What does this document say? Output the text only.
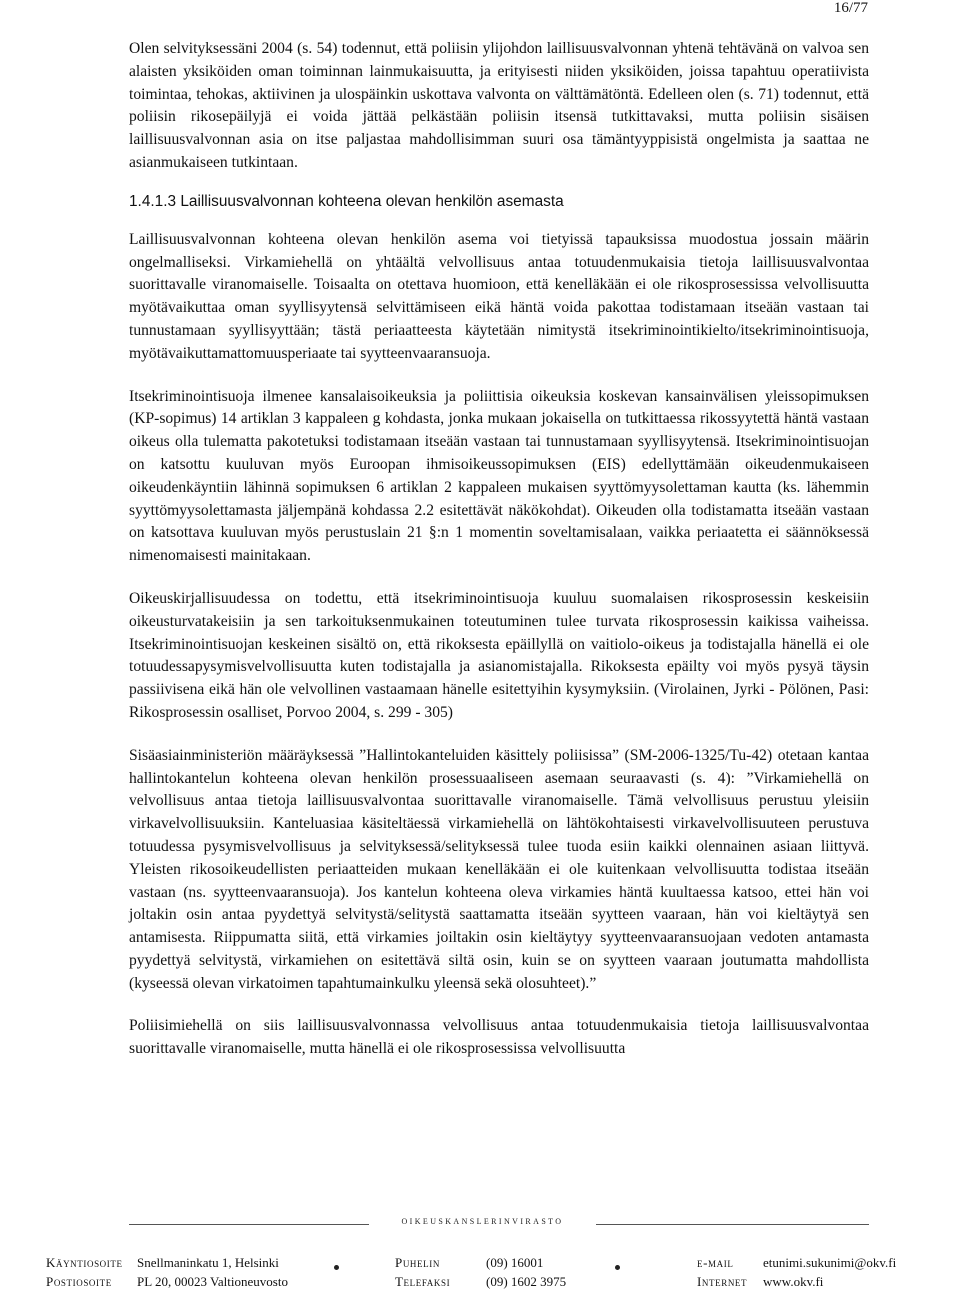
16/77

Olen selvityksessäni 2004 (s. 54) todennut, että poliisin ylijohdon laillisuusvalvonnan yhtenä tehtävänä on valvoa sen alaisten yksiköiden oman toiminnan lainmukaisuutta, ja erityisesti niiden yksiköiden, joissa tapahtuu operatiivista toimintaa, tehokas, aktiivinen ja ulospäinkin uskottava valvonta on välttämätöntä. Edelleen olen (s. 71) todennut, että poliisin rikosepäilyjä ei voida jättää pelkästään poliisin itsensä tutkittavaksi, mutta poliisin sisäisen laillisuusvalvonnan asia on itse paljastaa mahdollisimman suuri osa tämäntyyppisistä ongelmista ja saattaa ne asianmukaiseen tutkintaan.

1.4.1.3 Laillisuusvalvonnan kohteena olevan henkilön asemasta

Laillisuusvalvonnan kohteena olevan henkilön asema voi tietyissä tapauksissa muodostua jossain määrin ongelmalliseksi. Virkamiehellä on yhtäältä velvollisuus antaa totuudenmukaisia tietoja laillisuusvalvontaa suorittavalle viranomaiselle. Toisaalta on otettava huomioon, että kenelläkään ei ole rikosprosessissa velvollisuutta myötävaikuttaa oman syyllisyytensä selvittämiseen eikä häntä voida pakottaa todistamaan itseään vastaan tai tunnustamaan syyllisyyttään; tästä periaatteesta käytetään nimitystä itsekriminointikielto/itsekriminointisuoja, myötävaikuttamattomuusperiaate tai syytteenvaaransuoja.

Itsekriminointisuoja ilmenee kansalaisoikeuksia ja poliittisia oikeuksia koskevan kansainvälisen yleissopimuksen (KP-sopimus) 14 artiklan 3 kappaleen g kohdasta, jonka mukaan jokaisella on tutkittaessa rikossyytettä häntä vastaan oikeus olla tulematta pakotetuksi todistamaan itseään vastaan tai tunnustamaan syyllisyytensä. Itsekriminointisuojan on katsottu kuuluvan myös Euroopan ihmisoikeussopimuksen (EIS) edellyttämään oikeudenmukaiseen oikeudenkäyntiin lähinnä sopimuksen 6 artiklan 2 kappaleen mukaisen syyttömyysolettaman kautta (ks. lähemmin syyttömyysolettamasta jäljempänä kohdassa 2.2 esitettävät näkökohdat). Oikeuden olla todistamatta itseään vastaan on katsottava kuuluvan myös perustuslain 21 §:n 1 momentin soveltamisalaan, vaikka periaatetta ei säännöksessä nimenomaisesti mainitakaan.

Oikeuskirjallisuudessa on todettu, että itsekriminointisuoja kuuluu suomalaisen rikosprosessin keskeisiin oikeusturvatakeisiin ja sen tarkoituksenmukainen toteutuminen tulee turvata rikosprosessin kaikissa vaiheissa. Itsekriminointisuojan keskeinen sisältö on, että rikoksesta epäillyllä on vaitiolo-oikeus ja todistajalla hänellä ei ole totuudessapysymisvelvollisuutta kuten todistajalla ja asianomistajalla. Rikoksesta epäilty voi myös pysyä täysin passiivisena eikä hän ole velvollinen vastaamaan hänelle esitettyihin kysymyksiin. (Virolainen, Jyrki - Pölönen, Pasi: Rikosprosessin osalliset, Porvoo 2004, s. 299 - 305)

Sisäasiainministeriön määräyksessä ”Hallintokanteluiden käsittely poliisissa” (SM-2006-1325/Tu-42) otetaan kantaa hallintokantelun kohteena olevan henkilön prosessuaaliseen asemaan seuraavasti (s. 4): ”Virkamiehellä on velvollisuus antaa tietoja laillisuusvalvontaa suorittavalle viranomaiselle. Tämä velvollisuus perustuu yleisiin virkavelvollisuuksiin. Kanteluasiaa käsiteltäessä virkamiehellä on lähtökohtaisesti virkavelvollisuuteen perustuva totuudessa pysymisvelvollisuus ja selvityksessä/selityksessä tulee tuoda esiin kaikki olennainen asiaan liittyvä. Yleisten rikosoikeudellisten periaatteiden mukaan kenelläkään ei ole kuitenkaan velvollisuutta todistaa itseään vastaan (ns. syytteenvaaransuoja). Jos kantelun kohteena oleva virkamies häntä kuultaessa katsoo, ettei hän voi joltakin osin antaa pyydettyä selvitystä/selitystä saattamatta itseään syytteen vaaraan, hän voi kieltäytyä sen antamisesta. Riippumatta siitä, että virkamies joiltakin osin kieltäytyy syytteenvaaransuojaan vedoten antamasta pyydettyä selvitystä, virkamiehen on esitettävä siltä osin, kuin se on syytteen vaaraan joutumatta mahdollista (kyseessä olevan virkatoimen tapahtumainkulku yleensä sekä olosuhteet).”

Poliisimiehellä on siis laillisuusvalvonnassa velvollisuus antaa totuudenmukaisia tietoja laillisuusvalvontaa suorittavalle viranomaiselle, mutta hänellä ei ole rikosprosessissa velvollisuutta

oikeuskanslerinvirasto
Käyntiosoite Snellmaninkatu 1, Helsinki
Postiosoite PL 20, 00023 Valtioneuvosto
Puhelin	(09) 16001
Telefaksi	(09) 1602 3975
e-mail etunimi.sukunimi@okv.fi
Internet www.okv.fi
